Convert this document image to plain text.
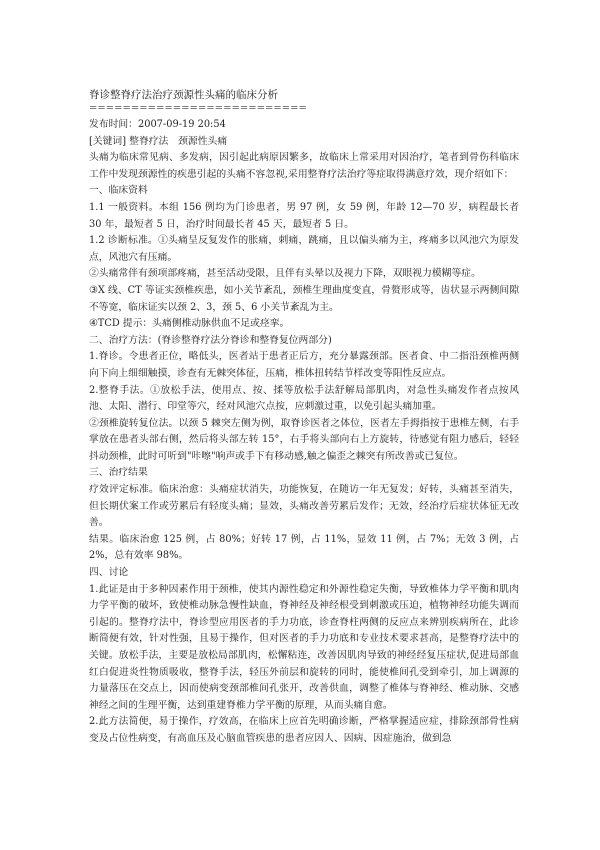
脊诊整脊疗法治疗颈源性头痛的临床分析
==========================

发布时间：2007-09-19 20:54

[关键词] 整脊疗法　颈源性头痛

头痛为临床常见病、多发病，因引起此病原因繁多，故临床上常采用对因治疗，笔者到骨伤科临床工作中发现颈源性的疾患引起的头痛不容忽视,采用整脊疗法治疗等症取得满意疗效，现介绍如下：

一、临床资料

1.1 一般资料。本组 156 例均为门诊患者，男 97 例，女 59 例，年龄 12—70 岁，病程最长者 30 年，最短者 5 日，治疗时间最长者 45 天，最短者 5 日。

1.2 诊断标准。①头痛呈反复发作的胀痛，刺痛，跳痛，且以偏头痛为主，疼痛多以风池穴为原发点，风池穴有压痛。

②头痛常伴有颈项部疼痛，甚至活动受限，且伴有头晕以及视力下降，双眼视力模糊等症。

③X 线、CT 等证实颈椎疾患，如小关节紊乱，颈椎生理曲度变直，骨赘形成等，齿状显示两侧间隙不等宽，临床证实以颈 2、3，颈 5、6 小关节紊乱为主。

④TCD 提示：头痛侧椎动脉供血不足或痉挛。

二、治疗方法：(脊诊整脊疗法分脊诊和整脊复位两部分)

1.脊诊。令患者正位，略低头，医者站于患者正后方，充分暴露颈部。医者食、中二指沿颈椎两侧向下向上细细触摸，诊查有无棘突体征，压痛，椎体扭转结节样改变等阳性反应点。

2.整脊手法。①放松手法，使用点、按、揉等放松手法舒解局部肌肉，对急性头痛发作者点按风池、太阳、潜行、印堂等穴，经对风池穴点按，应刺激过重，以免引起头痛加重。

②颈椎旋转复位法。以颈 5 棘突左侧为例，取脊诊医者之体位，医者左手拇指按于患椎左侧，右手掌放在患者头部右侧，然后将头部左转 15°，右手将头部向右上方旋转，待感觉有阻力感后，轻轻抖动颈椎，此时可听到"咔嚓"响声或手下有移动感,触之偏歪之棘突有所改善或已复位。

三、治疗结果

疗效评定标准。临床治愈：头痛症状消失，功能恢复，在随访一年无复发；好转，头痛甚至消失，但长期伏案工作或劳累后有轻度头痛；显效，头痛改善劳累后发作；无效，经治疗后症状体征无改善。

结果。临床治愈 125 例，占 80%；好转 17 例，占 11%，显效 11 例，占 7%；无效 3 例，占 2%，总有效率 98%。

四、讨论

1.此证是由于多种因素作用于颈椎，使其内源性稳定和外源性稳定失衡，导致椎体力学平衡和肌肉力学平衡的破坏，致使椎动脉急慢性缺血，脊神经及神经根受到刺激或压迫，植物神经功能失调而引起的。整脊疗法中，脊诊型应用医者的手力功底，诊查脊柱两侧的反应点来辨别疾病所在，此诊断简便有效，针对性强，且易于操作，但对医者的手力功底和专业技术要求甚高，是整脊疗法中的关键。放松手法，主要是放松局部肌肉，松懈粘连，改善因肌肉导致的神经经复压症状,促进局部血红白促进炎性物质吸收，整脊手法，轻压外前层和旋转的同时，能使椎间孔受到牵引，加上调源的力量落压在交点上，因而使病变颈部椎间孔张开，改善供血，调整了椎体与脊神经、椎动脉、交感神经之间的生理平衡，达到重建脊椎力学平衡的原理，从而头痛自愈。

2.此方法简便，易于操作，疗效高，在临床上应首先明确诊断，严格掌握适应症，排除颈部骨性病变及占位性病变，有高血压及心脑血管疾患的患者应因人、因病、因症施治，做到急
